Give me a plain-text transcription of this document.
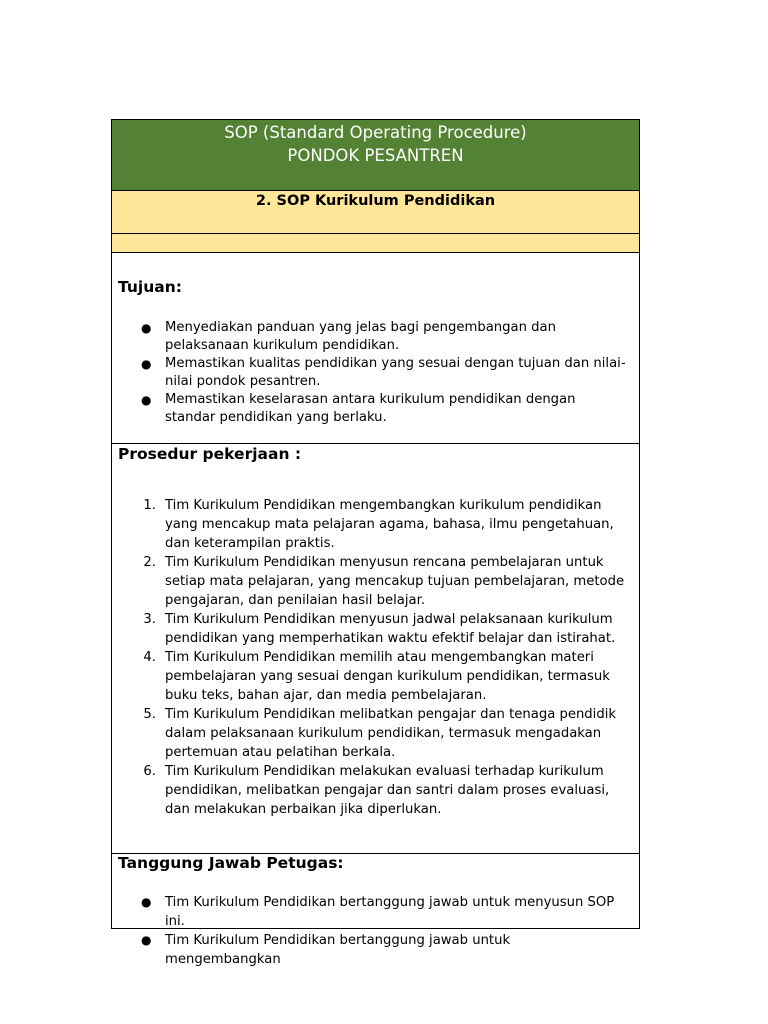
SOP (Standard Operating Procedure)
PONDOK PESANTREN
2. SOP Kurikulum Pendidikan
Tujuan:
● Menyediakan panduan yang jelas bagi pengembangan dan pelaksanaan kurikulum pendidikan.
● Memastikan kualitas pendidikan yang sesuai dengan tujuan dan nilai-nilai pondok pesantren.
● Memastikan keselarasan antara kurikulum pendidikan dengan standar pendidikan yang berlaku.
Prosedur pekerjaan :
1. Tim Kurikulum Pendidikan mengembangkan kurikulum pendidikan yang mencakup mata pelajaran agama, bahasa, ilmu pengetahuan, dan keterampilan praktis.
2. Tim Kurikulum Pendidikan menyusun rencana pembelajaran untuk setiap mata pelajaran, yang mencakup tujuan pembelajaran, metode pengajaran, dan penilaian hasil belajar.
3. Tim Kurikulum Pendidikan menyusun jadwal pelaksanaan kurikulum pendidikan yang memperhatikan waktu efektif belajar dan istirahat.
4. Tim Kurikulum Pendidikan memilih atau mengembangkan materi pembelajaran yang sesuai dengan kurikulum pendidikan, termasuk buku teks, bahan ajar, dan media pembelajaran.
5. Tim Kurikulum Pendidikan melibatkan pengajar dan tenaga pendidik dalam pelaksanaan kurikulum pendidikan, termasuk mengadakan pertemuan atau pelatihan berkala.
6. Tim Kurikulum Pendidikan melakukan evaluasi terhadap kurikulum pendidikan, melibatkan pengajar dan santri dalam proses evaluasi, dan melakukan perbaikan jika diperlukan.
Tanggung Jawab Petugas:
● Tim Kurikulum Pendidikan bertanggung jawab untuk menyusun SOP ini.
● Tim Kurikulum Pendidikan bertanggung jawab untuk mengembangkan
